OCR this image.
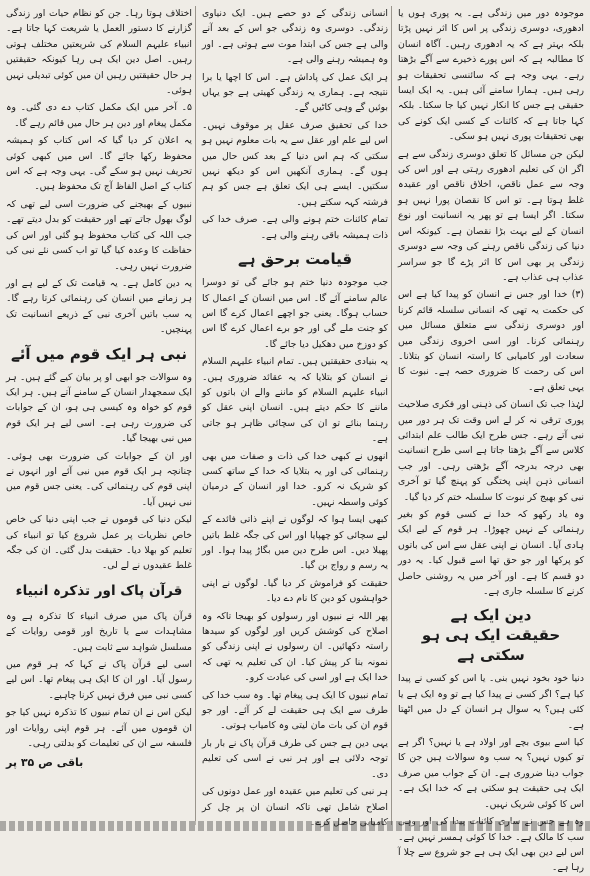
موجودہ دور میں زندگی ہے۔ یہ پوری ہوں یا ادھوری، دوسری زندگی پر اس کا اثر نہیں پڑتا بلکہ بہتر ہے کہ یہ ادھوری رہیں۔ آگاہ انسان کا مطالبہ ہے کہ اس پورے ذخیرے سے آگے بڑھتا رہے۔ یہی وجہ ہے کہ سائنسی تحقیقات ہو رہی ہیں۔ ہمارا سامنے آئی ہیں۔ یہ ایک ایسا حقیقی ہے جس کا انکار نہیں کیا جا سکتا۔ بلکہ کہا جاتا ہے کہ کائنات کے کسی ایک کونے کی بھی تحقیقات پوری نہیں ہو سکی۔

لیکن جن مسائل کا تعلق دوسری زندگی سے ہے اگر ان کی تعلیم ادھوری رہتی ہے اور اس کی وجہ سے عمل ناقص، اخلاق ناقص اور عقیدہ غلط ہوتا ہے۔ تو اس کا نقصان پورا نہیں ہو سکتا۔ اگر ایسا ہے تو پھر یہ انسانیت اور نوع انسان کے لیے بہت بڑا نقصان ہے۔ کیونکہ اس دنیا کی زندگی ناقص رہنے کی وجہ سے دوسری زندگی پر بھی اس کا اثر پڑے گا جو سراسر عذاب ہی عذاب ہے۔

(۳) خدا اور جس نے انسان کو پیدا کیا ہے اس کی حکمت یہ تھی کہ انسانی سلسلہ قائم کرنا اور دوسری زندگی سے متعلق مسائل میں رہنمائی کرنا۔ اور اسی اخروی زندگی میں سعادت اور کامیابی کا راستہ انسان کو بتلانا۔ اس کی رحمت کا ضروری حصہ ہے۔ نبوت کا یہی تعلق ہے۔

لہٰذا جب تک انسان کی ذہنی اور فکری صلاحیت پوری ترقی نہ کر لے اس وقت تک ہر دور میں نبی آتے رہے۔ جس طرح ایک طالب علم ابتدائی کلاس سے آگے بڑھتا جاتا ہے اسی طرح انسانیت بھی درجہ بدرجہ آگے بڑھتی رہی۔ اور جب انسانی ذہن اپنی پختگی کو پہنچ گیا تو آخری نبی کو بھیج کر نبوت کا سلسلہ ختم کر دیا گیا۔

وہ یاد رکھو کہ خدا نے کسی قوم کو بغیر رہنمائی کے نہیں چھوڑا۔ ہر قوم کے لیے ایک ہادی آیا۔ انسان نے اپنی عقل سے اس کی باتوں کو پرکھا اور جو حق تھا اسے قبول کیا۔ یہ دور دو قسم کا ہے۔ اور آخر میں یہ روشنی حاصل کرنے کا سلسلہ جاری ہے۔

دین ایک ہے
حقیقت ایک ہی ہو سکتی ہے

دنیا خود بخود نہیں بنی۔ یا اس کو کسی نے پیدا کیا ہے؟ اگر کسی نے پیدا کیا ہے تو وہ ایک ہے یا کئی ہیں؟ یہ سوال ہر انسان کے دل میں اٹھتا ہے۔

کیا اسے بیوی بچے اور اولاد ہے یا نہیں؟ اگر ہے تو کیوں نہیں؟ یہ سب وہ سوالات ہیں جن کا جواب دینا ضروری ہے۔ ان کے جواب میں صرف ایک ہی حقیقت ہو سکتی ہے کہ خدا ایک ہے۔ اس کا کوئی شریک نہیں۔

وہ ہے جس نے ساری کائنات پیدا کی اور وہی سب کا مالک ہے۔ خدا کا کوئی ہمسر نہیں ہے۔ اس لیے دین بھی ایک ہی ہے جو شروع سے چلا آ رہا ہے۔

انسانی زندگی کے دو حصے ہیں۔ ایک دنیاوی زندگی۔ دوسری وہ زندگی جو اس کے بعد آنے والی ہے جس کی ابتدا موت سے ہوتی ہے۔ اور وہ ہمیشہ رہنے والی ہے۔

ہر ایک عمل کی پاداش ہے۔ اس کا اچھا یا برا نتیجہ ہے۔ ہماری یہ زندگی کھیتی ہے جو یہاں بوئیں گے وہی کاٹیں گے۔

خدا کی تحقیق صرف عقل پر موقوف نہیں۔ اس لیے علم اور عقل سے یہ بات معلوم نہیں ہو سکتی کہ ہم اس دنیا کے بعد کس حال میں ہوں گے۔ ہماری آنکھیں اس کو دیکھ نہیں سکتیں۔ ایسے ہی ایک تعلق ہے جس کو ہم فرشتہ کہہ سکتے ہیں۔

تمام کائنات ختم ہونے والی ہے۔ صرف خدا کی ذات ہمیشہ باقی رہنے والی ہے۔

قیامت برحق ہے

جب موجودہ دنیا ختم ہو جائے گی تو دوسرا عالم سامنے آئے گا۔ اس میں انسان کے اعمال کا حساب ہوگا۔ یعنی جو اچھے اعمال کرے گا اس کو جنت ملے گی اور جو برے اعمال کرے گا اس کو دوزخ میں دھکیل دیا جائے گا۔

یہ بنیادی حقیقتیں ہیں۔ تمام انبیاء علیہم السلام نے انسان کو بتلایا کہ یہ عقائد ضروری ہیں۔ انبیاء علیہم السلام کو ماننے والے ان باتوں کو ماننے کا حکم دیتے ہیں۔ انسان اپنی عقل کو رہنما بنائے تو ان کی سچائی ظاہر ہو جاتی ہے۔

انھوں نے کبھی خدا کی ذات و صفات میں بھی رہنمائی کی اور یہ بتلایا کہ خدا کے ساتھ کسی کو شریک نہ کرو۔ خدا اور انسان کے درمیان کوئی واسطہ نہیں۔

کبھی ایسا ہوا کہ لوگوں نے اپنے ذاتی فائدے کے لیے سچائی کو چھپایا اور اس کی جگہ غلط باتیں پھیلا دیں۔ اس طرح دین میں بگاڑ پیدا ہوا۔ اور یہ رسم و رواج بن گیا۔

حقیقت کو فراموش کر دیا گیا۔ لوگوں نے اپنی خواہشوں کو دین کا نام دے دیا۔

پھر اللہ نے نبیوں اور رسولوں کو بھیجا تاکہ وہ اصلاح کی کوشش کریں اور لوگوں کو سیدھا راستہ دکھائیں۔ ان رسولوں نے اپنی زندگی کو نمونہ بنا کر پیش کیا۔ ان کی تعلیم یہ تھی کہ خدا ایک ہے اور اسی کی عبادت کرو۔

تمام نبیوں کا ایک ہی پیغام تھا۔ وہ سب خدا کی طرف سے ایک ہی حقیقت لے کر آئے۔ اور جو قوم ان کی بات مان لیتی وہ کامیاب ہوتی۔

یہی دین ہے جس کی طرف قرآن پاک نے بار بار توجہ دلائی ہے اور ہر نبی نے اسی کی تعلیم دی۔

ہر نبی کی تعلیم میں عقیدہ اور عمل دونوں کی اصلاح شامل تھی تاکہ انسان ان پر چل کر کامیابی حاصل کرے۔

اختلاف ہوتا رہا۔ جن کو نظام حیات اور زندگی گزارنے کا دستور العمل یا شریعت کہا جاتا ہے۔ انبیاء علیہم السلام کی شریعتیں مختلف ہوتی رہیں۔ اصل دین ایک ہی رہا کیونکہ حقیقتیں ہر حال حقیقتیں رہیں ان میں کوئی تبدیلی نہیں ہوئی۔

۵۔ آخر میں ایک مکمل کتاب دے دی گئی۔ وہ مکمل پیغام اور دین ہر حال میں قائم رہے گا۔

یہ اعلان کر دیا گیا کہ اس کتاب کو ہمیشہ محفوظ رکھا جائے گا۔ اس میں کبھی کوئی تحریف نہیں ہو سکے گی۔ یہی وجہ ہے کہ اس کتاب کے اصل الفاظ آج تک محفوظ ہیں۔

نبیوں کے بھیجنے کی ضرورت اسی لیے تھی کہ لوگ بھول جاتے تھے اور حقیقت کو بدل دیتے تھے۔ جب اللہ کی کتاب محفوظ ہو گئی اور اس کی حفاظت کا وعدہ کیا گیا تو اب کسی نئے نبی کی ضرورت نہیں رہی۔

یہ دین کامل ہے۔ یہ قیامت تک کے لیے ہے اور ہر زمانے میں انسان کی رہنمائی کرتا رہے گا۔ یہ سب باتیں آخری نبی کے ذریعے انسانیت تک پہنچیں۔

نبی ہر ایک قوم میں آئے

وہ سوالات جو ابھی او پر بیان کیے گئے ہیں۔ ہر ایک سمجھدار انسان کے سامنے آتے ہیں۔ ہر ایک قوم کو خواہ وہ کیسی ہی ہو، ان کے جوابات کی ضرورت رہی ہے۔ اسی لیے ہر ایک قوم میں نبی بھیجا گیا۔

اور ان کے جوابات کی ضرورت بھی ہوئی۔ چنانچہ ہر ایک قوم میں نبی آئے اور انہوں نے اپنی قوم کی رہنمائی کی۔ یعنی جس قوم میں نبی نہیں آیا۔

لیکن دنیا کی قوموں نے جب اپنی دنیا کی خاص خاص نظریات پر عمل شروع کیا تو انبیاء کی تعلیم کو بھلا دیا۔ حقیقت بدل گئی۔ ان کی جگہ غلط عقیدوں نے لے لی۔

قرآن پاک اور تذکرہ انبیاء

قرآن پاک میں صرف انبیاء کا تذکرہ ہے وہ مشاہدات سے یا تاریخ اور قومی روایات کے مسلسل شواہد سے ثابت ہیں۔

اسی لیے قرآن پاک نے کہا کہ ہر قوم میں رسول آیا۔ اور ان کا ایک ہی پیغام تھا۔ اس لیے کسی نبی میں فرق نہیں کرنا چاہیے۔

لیکن اس نے ان تمام نبیوں کا تذکرہ نہیں کیا جو ان قوموں میں آئے۔ ہر قوم اپنی روایات اور فلسفہ سے ان کی تعلیمات کو بدلتی رہی۔

باقی ص ۳۵ پر
